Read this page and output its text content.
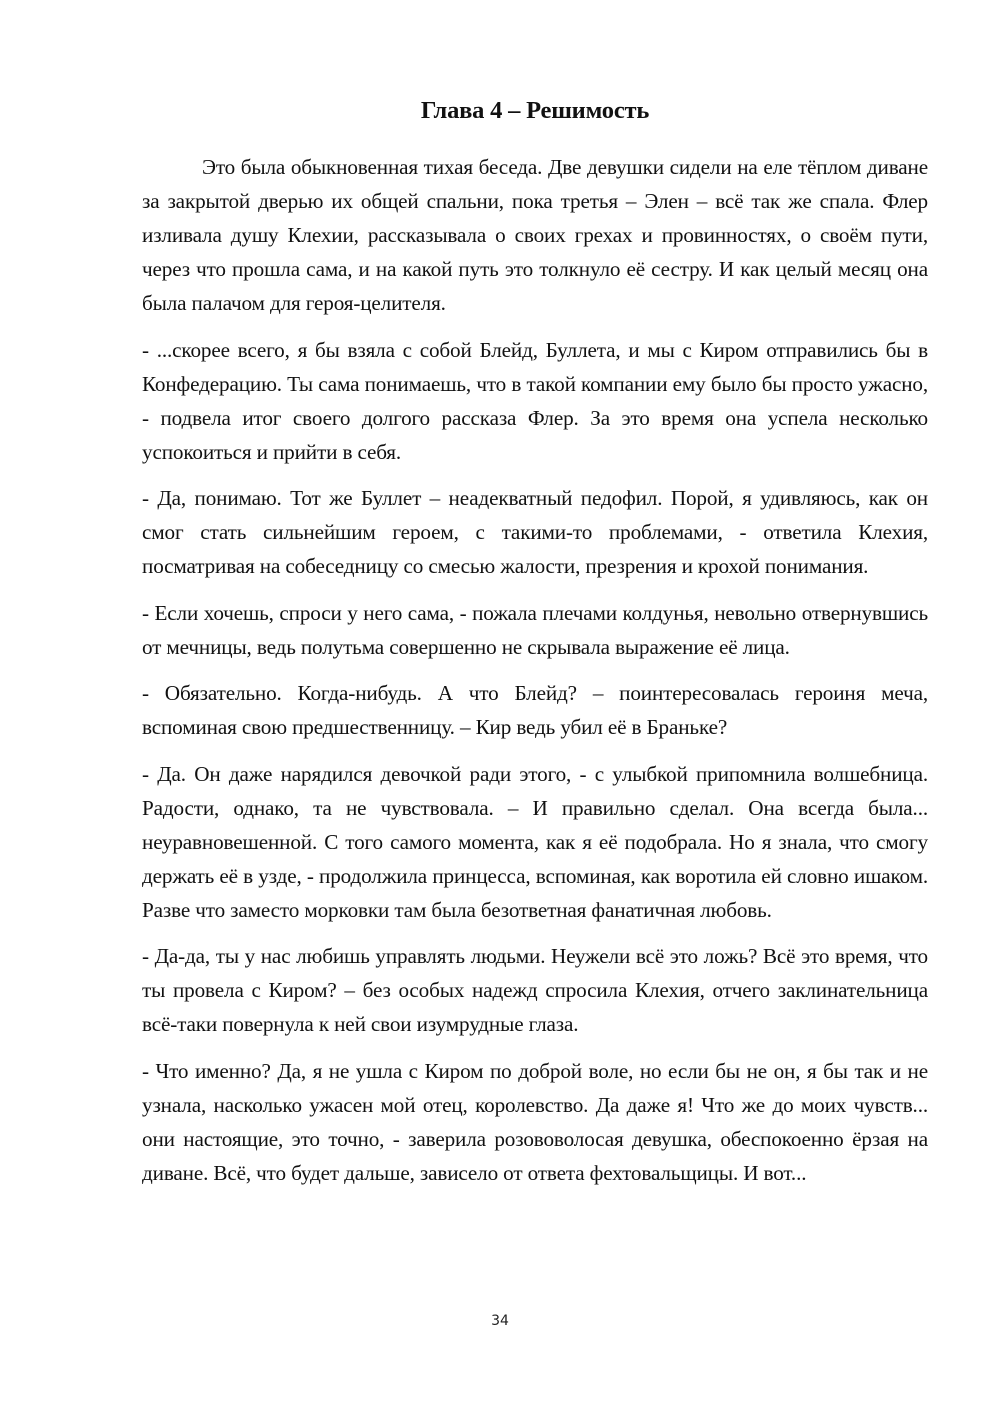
Глава 4 – Решимость

Это была обыкновенная тихая беседа. Две девушки сидели на еле тёплом диване за закрытой дверью их общей спальни, пока третья – Элен – всё так же спала. Флер изливала душу Клехии, рассказывала о своих грехах и провинностях, о своём пути, через что прошла сама, и на какой путь это толкнуло её сестру. И как целый месяц она была палачом для героя-целителя.

- ...скорее всего, я бы взяла с собой Блейд, Буллета, и мы с Киром отправились бы в Конфедерацию. Ты сама понимаешь, что в такой компании ему было бы просто ужасно, - подвела итог своего долгого рассказа Флер. За это время она успела несколько успокоиться и прийти в себя.

- Да, понимаю. Тот же Буллет – неадекватный педофил. Порой, я удивляюсь, как он смог стать сильнейшим героем, с такими-то проблемами, - ответила Клехия, посматривая на собеседницу со смесью жалости, презрения и крохой понимания.

- Если хочешь, спроси у него сама, - пожала плечами колдунья, невольно отвернувшись от мечницы, ведь полутьма совершенно не скрывала выражение её лица.

- Обязательно. Когда-нибудь. А что Блейд? – поинтересовалась героиня меча, вспоминая свою предшественницу. – Кир ведь убил её в Браньке?

- Да. Он даже нарядился девочкой ради этого, - с улыбкой припомнила волшебница. Радости, однако, та не чувствовала. – И правильно сделал. Она всегда была... неуравновешенной. С того самого момента, как я её подобрала. Но я знала, что смогу держать её в узде, - продолжила принцесса, вспоминая, как воротила ей словно ишаком. Разве что заместо морковки там была безответная фанатичная любовь.

- Да-да, ты у нас любишь управлять людьми. Неужели всё это ложь? Всё это время, что ты провела с Киром? – без особых надежд спросила Клехия, отчего заклинательница всё-таки повернула к ней свои изумрудные глаза.

- Что именно? Да, я не ушла с Киром по доброй воле, но если бы не он, я бы так и не узнала, насколько ужасен мой отец, королевство. Да даже я! Что же до моих чувств... они настоящие, это точно, - заверила розововолосая девушка, обеспокоенно ёрзая на диване. Всё, что будет дальше, зависело от ответа фехтовальщицы. И вот...

34
